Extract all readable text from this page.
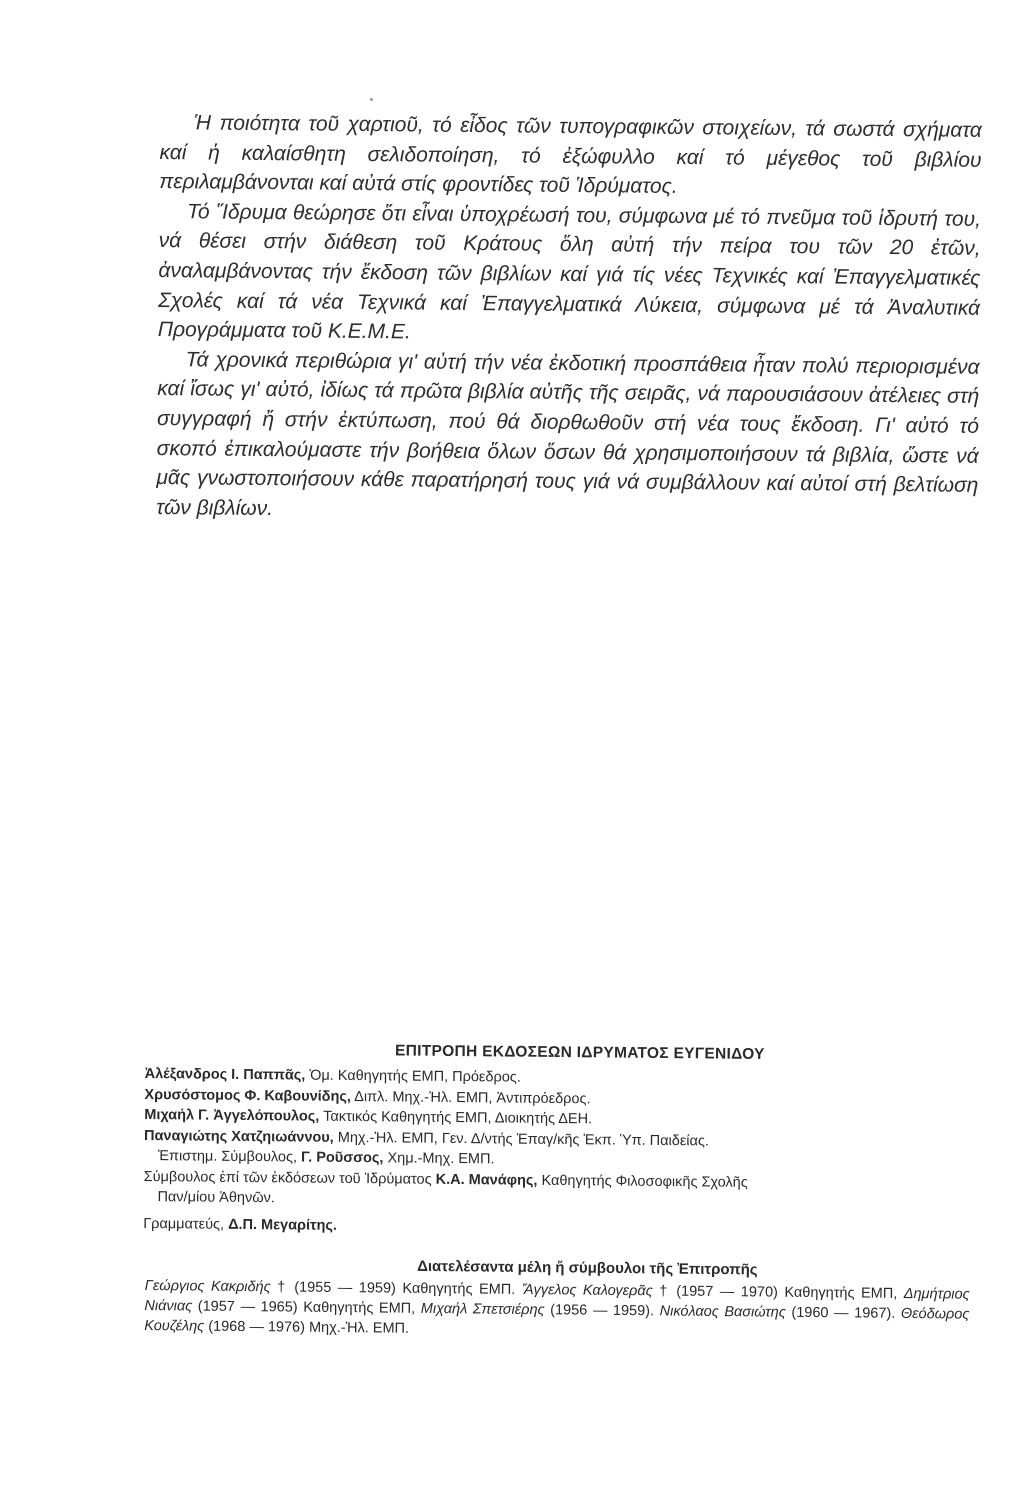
Ἡ ποιότητα τοῦ χαρτιοῦ, τό εἶδος τῶν τυπογραφικῶν στοιχείων, τά σωστά σχήματα καί ἡ καλαίσθητη σελιδοποίηση, τό ἐξώφυλλο καί τό μέγεθος τοῦ βιβλίου περιλαμβάνονται καί αὐτά στίς φροντίδες τοῦ Ἱδρύματος.

Τό Ἵδρυμα θεώρησε ὅτι εἶναι ὑποχρέωσή του, σύμφωνα μέ τό πνεῦμα τοῦ ἱδρυτή του, νά θέσει στήν διάθεση τοῦ Κράτους ὅλη αὐτή τήν πείρα του τῶν 20 ἐτῶν, ἀναλαμβάνοντας τήν ἔκδοση τῶν βιβλίων καί γιά τίς νέες Τεχνικές καί Ἐπαγγελματικές Σχολές καί τά νέα Τεχνικά καί Ἐπαγγελματικά Λύκεια, σύμφωνα μέ τά Ἀναλυτικά Προγράμματα τοῦ Κ.Ε.Μ.Ε.

Τά χρονικά περιθώρια γι' αὐτή τήν νέα ἐκδοτική προσπάθεια ἦταν πολύ περιορισμένα καί ἴσως γι' αὐτό, ἰδίως τά πρῶτα βιβλία αὐτῆς τῆς σειρᾶς, νά παρουσιάσουν ἀτέλειες στή συγγραφή ἤ στήν ἐκτύπωση, πού θά διορθωθοῦν στή νέα τους ἔκδοση. Γι' αὐτό τό σκοπό ἐπικαλούμαστε τήν βοήθεια ὅλων ὅσων θά χρησιμοποιήσουν τά βιβλία, ὥστε νά μᾶς γνωστοποιήσουν κάθε παρατήρησή τους γιά νά συμβάλλουν καί αὐτοί στή βελτίωση τῶν βιβλίων.

ΕΠΙΤΡΟΠΗ ΕΚΔΟΣΕΩΝ ΙΔΡΥΜΑΤΟΣ ΕΥΓΕΝΙΔΟΥ

Ἀλέξανδρος Ι. Παππᾶς, Ὁμ. Καθηγητής ΕΜΠ, Πρόεδρος.

Χρυσόστομος Φ. Καβουνίδης, Διπλ. Μηχ.-Ἠλ. ΕΜΠ, Ἀντιπρόεδρος.

Μιχαήλ Γ. Ἀγγελόπουλος, Τακτικός Καθηγητής ΕΜΠ, Διοικητής ΔΕΗ.

Παναγιώτης Χατζηιωάννου, Μηχ.-Ἠλ. ΕΜΠ, Γεν. Δ/ντής Ἐπαγ/κῆς Ἐκπ. Ὑπ. Παιδείας.

Ἐπιστημ. Σύμβουλος, Γ. Ροῦσσος, Χημ.-Μηχ. ΕΜΠ.

Σύμβουλος ἐπί τῶν ἐκδόσεων τοῦ Ἱδρύματος Κ.Α. Μανάφης, Καθηγητής Φιλοσοφικῆς Σχολῆς

Παν/μίου Ἀθηνῶν.

Γραμματεύς, Δ.Π. Μεγαρίτης.

Διατελέσαντα μέλη ἤ σύμβουλοι τῆς Ἐπιτροπῆς

Γεώργιος Κακριδής † (1955 — 1959) Καθηγητής ΕΜΠ. Ἄγγελος Καλογερᾶς † (1957 — 1970) Καθηγητής ΕΜΠ, Δημήτριος Νιάνιας (1957 — 1965) Καθηγητής ΕΜΠ, Μιχαήλ Σπετσιέρης (1956 — 1959). Νικόλαος Βασιώτης (1960 — 1967). Θεόδωρος Κουζέλης (1968 — 1976) Μηχ.-Ἠλ. ΕΜΠ.
